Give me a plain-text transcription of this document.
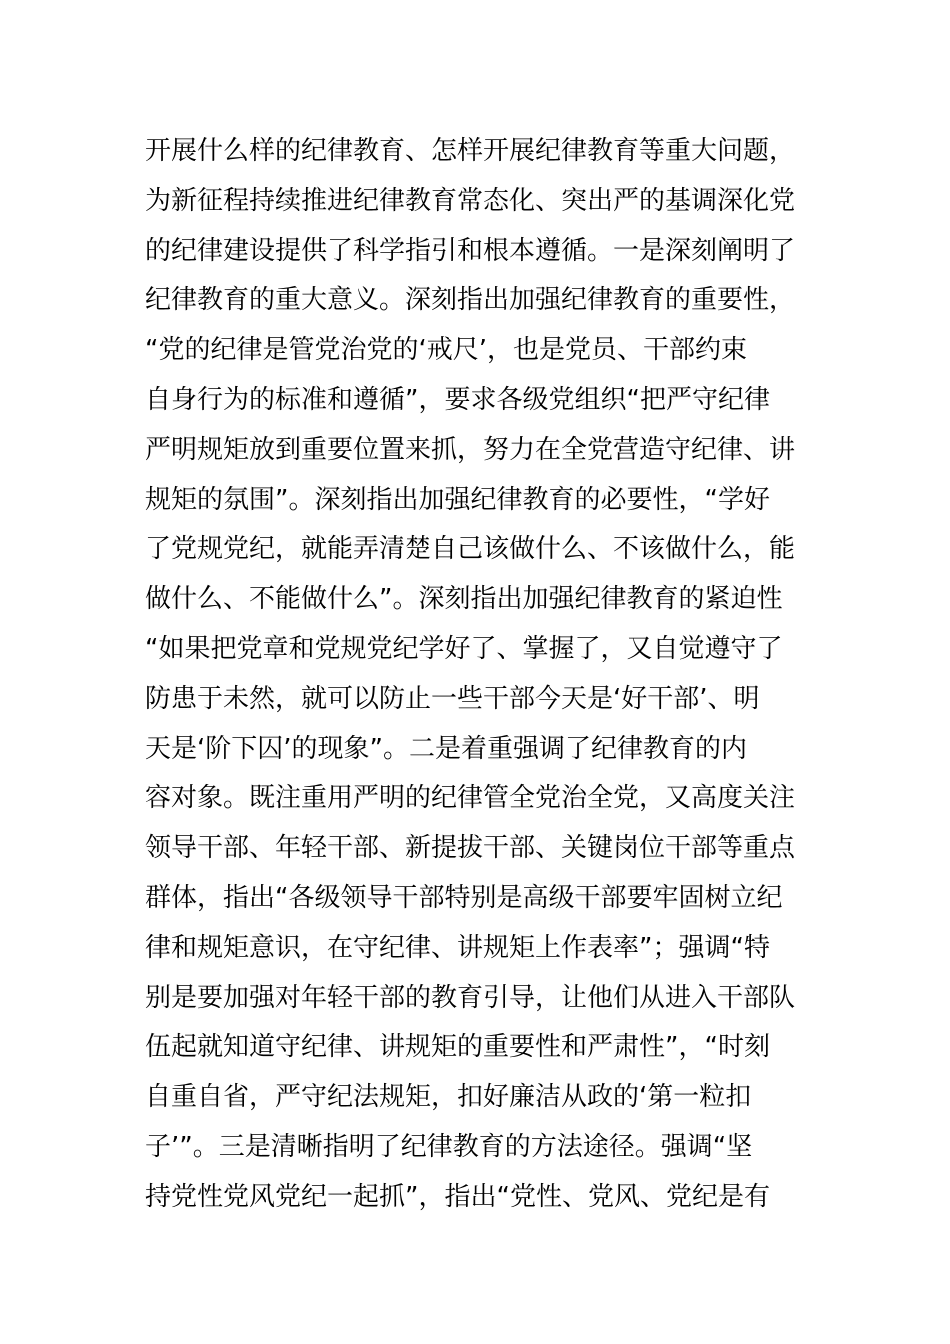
开展什么样的纪律教育、怎样开展纪律教育等重大问题，
为新征程持续推进纪律教育常态化、突出严的基调深化党
的纪律建设提供了科学指引和根本遵循。一是深刻阐明了
纪律教育的重大意义。深刻指出加强纪律教育的重要性，
“党的纪律是管党治党的‘戒尺’，也是党员、干部约束
自身行为的标准和遵循”，要求各级党组织“把严守纪律
严明规矩放到重要位置来抓，努力在全党营造守纪律、讲
规矩的氛围”。深刻指出加强纪律教育的必要性，“学好
了党规党纪，就能弄清楚自己该做什么、不该做什么，能
做什么、不能做什么”。深刻指出加强纪律教育的紧迫性
“如果把党章和党规党纪学好了、掌握了，又自觉遵守了
防患于未然，就可以防止一些干部今天是‘好干部’、明
天是‘阶下囚’的现象”。二是着重强调了纪律教育的内
容对象。既注重用严明的纪律管全党治全党，又高度关注
领导干部、年轻干部、新提拔干部、关键岗位干部等重点
群体，指出“各级领导干部特别是高级干部要牢固树立纪
律和规矩意识，在守纪律、讲规矩上作表率”；强调“特
别是要加强对年轻干部的教育引导，让他们从进入干部队
伍起就知道守纪律、讲规矩的重要性和严肃性”，“时刻
自重自省，严守纪法规矩，扣好廉洁从政的‘第一粒扣
子’”。三是清晰指明了纪律教育的方法途径。强调“坚
持党性党风党纪一起抓”，指出“党性、党风、党纪是有
